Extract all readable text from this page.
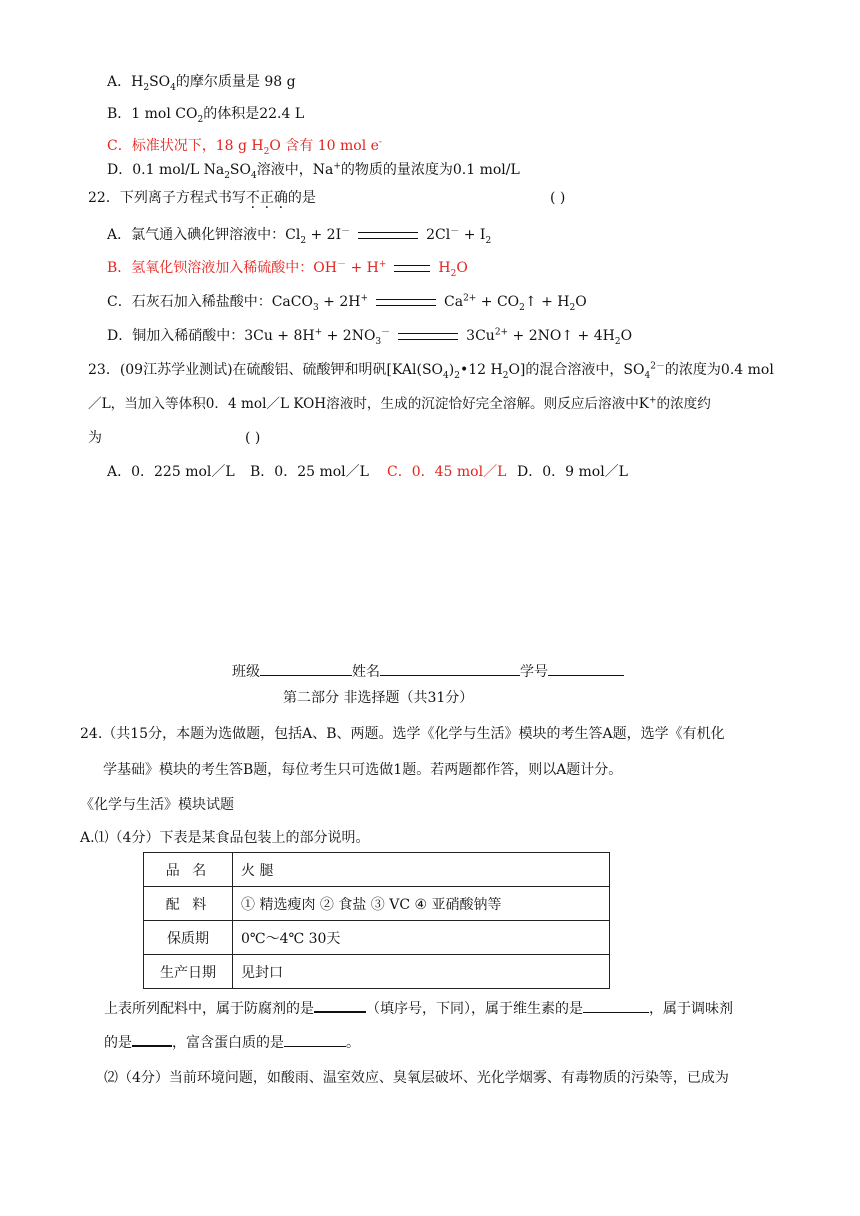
A．$H_2SO_4$的摩尔质量是 98 g
B．1 mol $CO_2$的体积是22.4 L
C．标准状况下，18 g $H_2O$ 含有 10 mol e-
D．0.1 mol/L $Na_2SO_4$溶液中，Na+的物质的量浓度为0.1 mol/L
22．下列离子方程式书写不正确的是	( )
A．氯气通入碘化钾溶液中：$Cl_2 + 2I^-$	$2Cl^- + I_2$
B．氢氧化钡溶液加入稀硫酸中：OH－ + H+	$H_2O$
C．石灰石加入稀盐酸中：CaCO$_3$ + 2H+	$Ca^{2+}$ + $CO_2↑ + H_2O$
D．铜加入稀硝酸中：$3Cu + 8H^+ + 2NO_3^-$	$3Cu^{2+}$ + 2NO↑ + $4H_2O$
23．(09江苏学业测试)在硫酸铝、硫酸钾和明矾[$KAl(SO_4)_2•12$ $H_2O$]的混合溶液中，$SO_4^{2-}$的浓度为0.4 mol
／L，当加入等体积0．4 mol／L KOH溶液时，生成的沉淀恰好完全溶解。则反应后溶液中K+的浓度约
为	( )
A．0．225 mol／L B．0．25 mol／L C．0．45 mol／L D．0．9 mol／L
班级	姓名	学号
第二部分 非选择题（共31分）
24.（共15分，本题为选做题，包括A、B、两题。选学《化学与生活》模块的考生答A题，选学《有机化
学基础》模块的考生答B题，每位考生只可选做1题。若两题都作答，则以A题计分。
《化学与生活》模块试题
A.⑴（4分）下表是某食品包装上的部分说明。
品 名	火 腿
配 料	① 精选瘦肉 ② 食盐 ③ VC ④ 亚硝酸钠等
保质期	0℃～4℃ 30天
生产日期	见封口
上表所列配料中，属于防腐剂的是	（填序号，下同），属于维生素的是	，属于调味剂
的是	，富含蛋白质的是	。
⑵（4分）当前环境问题，如酸雨、温室效应、臭氧层破坏、光化学烟雾、有毒物质的污染等，已成为
